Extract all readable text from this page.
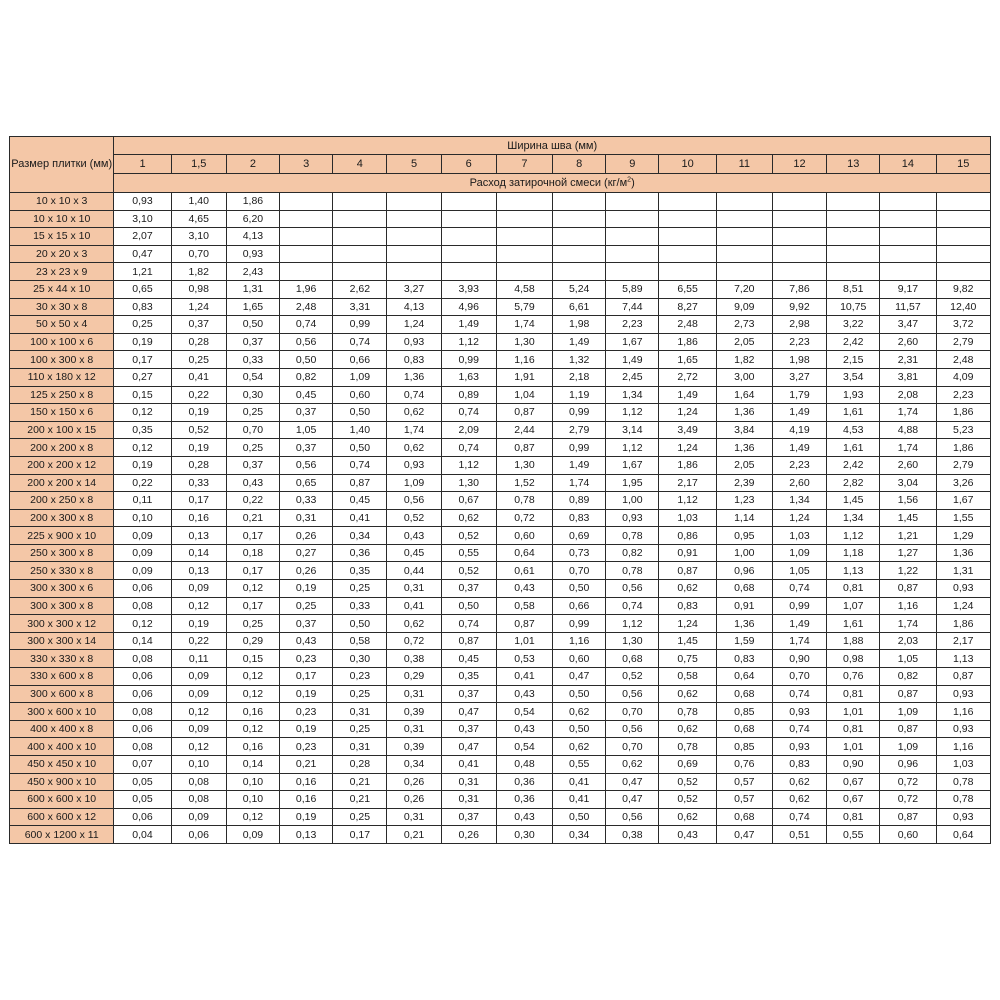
Размер плитки (мм)	Ширина шва (мм)															
	1	1,5	2	3	4	5	6	7	8	9	10	11	12	13	14	15
	Расход затирочной смеси $(кг/м^2)$															
10 x 10 x 3	0,93	1,40	1,86													
10 x 10 x 10	3,10	4,65	6,20													
15 x 15 x 10	2,07	3,10	4,13													
20 x 20 x 3	0,47	0,70	0,93													
23 x 23 x 9	1,21	1,82	2,43													
25 x 44 x 10	0,65	0,98	1,31	1,96	2,62	3,27	3,93	4,58	5,24	5,89	6,55	7,20	7,86	8,51	9,17	9,82
30 x 30 x 8	0,83	1,24	1,65	2,48	3,31	4,13	4,96	5,79	6,61	7,44	8,27	9,09	9,92	10,75	11,57	12,40
50 x 50 x 4	0,25	0,37	0,50	0,74	0,99	1,24	1,49	1,74	1,98	2,23	2,48	2,73	2,98	3,22	3,47	3,72
100 x 100 x 6	0,19	0,28	0,37	0,56	0,74	0,93	1,12	1,30	1,49	1,67	1,86	2,05	2,23	2,42	2,60	2,79
100 x 300 x 8	0,17	0,25	0,33	0,50	0,66	0,83	0,99	1,16	1,32	1,49	1,65	1,82	1,98	2,15	2,31	2,48
110 x 180 x 12	0,27	0,41	0,54	0,82	1,09	1,36	1,63	1,91	2,18	2,45	2,72	3,00	3,27	3,54	3,81	4,09
125 x 250 x 8	0,15	0,22	0,30	0,45	0,60	0,74	0,89	1,04	1,19	1,34	1,49	1,64	1,79	1,93	2,08	2,23
150 x 150 x 6	0,12	0,19	0,25	0,37	0,50	0,62	0,74	0,87	0,99	1,12	1,24	1,36	1,49	1,61	1,74	1,86
200 x 100 x 15	0,35	0,52	0,70	1,05	1,40	1,74	2,09	2,44	2,79	3,14	3,49	3,84	4,19	4,53	4,88	5,23
200 x 200 x 8	0,12	0,19	0,25	0,37	0,50	0,62	0,74	0,87	0,99	1,12	1,24	1,36	1,49	1,61	1,74	1,86
200 x 200 x 12	0,19	0,28	0,37	0,56	0,74	0,93	1,12	1,30	1,49	1,67	1,86	2,05	2,23	2,42	2,60	2,79
200 x 200 x 14	0,22	0,33	0,43	0,65	0,87	1,09	1,30	1,52	1,74	1,95	2,17	2,39	2,60	2,82	3,04	3,26
200 x 250 x 8	0,11	0,17	0,22	0,33	0,45	0,56	0,67	0,78	0,89	1,00	1,12	1,23	1,34	1,45	1,56	1,67
200 x 300 x 8	0,10	0,16	0,21	0,31	0,41	0,52	0,62	0,72	0,83	0,93	1,03	1,14	1,24	1,34	1,45	1,55
225 x 900 x 10	0,09	0,13	0,17	0,26	0,34	0,43	0,52	0,60	0,69	0,78	0,86	0,95	1,03	1,12	1,21	1,29
250 x 300 x 8	0,09	0,14	0,18	0,27	0,36	0,45	0,55	0,64	0,73	0,82	0,91	1,00	1,09	1,18	1,27	1,36
250 x 330 x 8	0,09	0,13	0,17	0,26	0,35	0,44	0,52	0,61	0,70	0,78	0,87	0,96	1,05	1,13	1,22	1,31
300 x 300 x 6	0,06	0,09	0,12	0,19	0,25	0,31	0,37	0,43	0,50	0,56	0,62	0,68	0,74	0,81	0,87	0,93
300 x 300 x 8	0,08	0,12	0,17	0,25	0,33	0,41	0,50	0,58	0,66	0,74	0,83	0,91	0,99	1,07	1,16	1,24
300 x 300 x 12	0,12	0,19	0,25	0,37	0,50	0,62	0,74	0,87	0,99	1,12	1,24	1,36	1,49	1,61	1,74	1,86
300 x 300 x 14	0,14	0,22	0,29	0,43	0,58	0,72	0,87	1,01	1,16	1,30	1,45	1,59	1,74	1,88	2,03	2,17
330 x 330 x 8	0,08	0,11	0,15	0,23	0,30	0,38	0,45	0,53	0,60	0,68	0,75	0,83	0,90	0,98	1,05	1,13
330 x 600 x 8	0,06	0,09	0,12	0,17	0,23	0,29	0,35	0,41	0,47	0,52	0,58	0,64	0,70	0,76	0,82	0,87
300 x 600 x 8	0,06	0,09	0,12	0,19	0,25	0,31	0,37	0,43	0,50	0,56	0,62	0,68	0,74	0,81	0,87	0,93
300 x 600 x 10	0,08	0,12	0,16	0,23	0,31	0,39	0,47	0,54	0,62	0,70	0,78	0,85	0,93	1,01	1,09	1,16
400 x 400 x 8	0,06	0,09	0,12	0,19	0,25	0,31	0,37	0,43	0,50	0,56	0,62	0,68	0,74	0,81	0,87	0,93
400 x 400 x 10	0,08	0,12	0,16	0,23	0,31	0,39	0,47	0,54	0,62	0,70	0,78	0,85	0,93	1,01	1,09	1,16
450 x 450 x 10	0,07	0,10	0,14	0,21	0,28	0,34	0,41	0,48	0,55	0,62	0,69	0,76	0,83	0,90	0,96	1,03
450 x 900 x 10	0,05	0,08	0,10	0,16	0,21	0,26	0,31	0,36	0,41	0,47	0,52	0,57	0,62	0,67	0,72	0,78
600 x 600 x 10	0,05	0,08	0,10	0,16	0,21	0,26	0,31	0,36	0,41	0,47	0,52	0,57	0,62	0,67	0,72	0,78
600 x 600 x 12	0,06	0,09	0,12	0,19	0,25	0,31	0,37	0,43	0,50	0,56	0,62	0,68	0,74	0,81	0,87	0,93
600 x 1200 x 11	0,04	0,06	0,09	0,13	0,17	0,21	0,26	0,30	0,34	0,38	0,43	0,47	0,51	0,55	0,60	0,64
